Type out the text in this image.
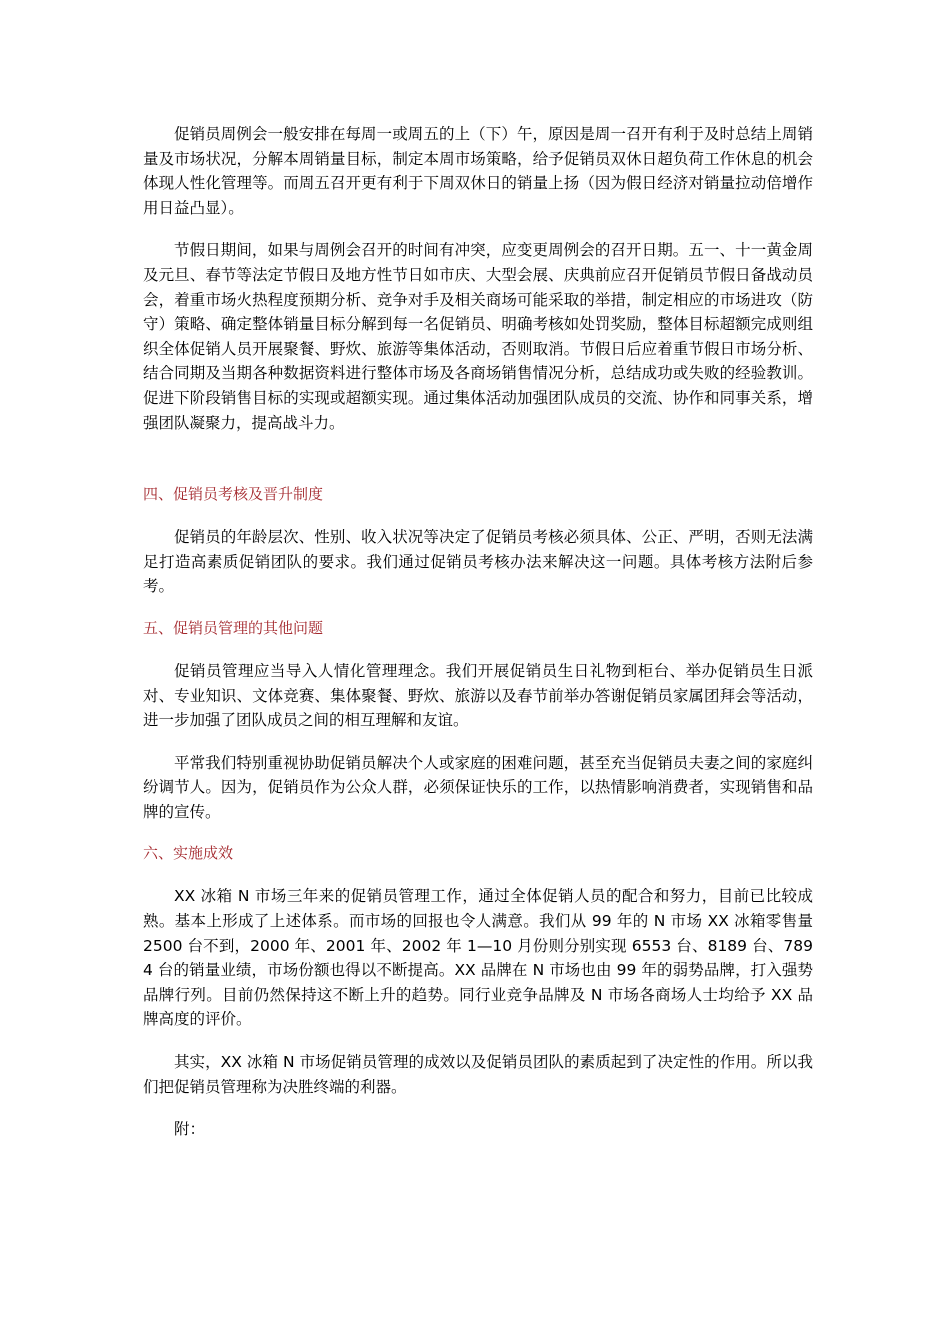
促销员周例会一般安排在每周一或周五的上（下）午，原因是周一召开有利于及时总结上周销量及市场状况，分解本周销量目标，制定本周市场策略，给予促销员双休日超负荷工作休息的机会体现人性化管理等。而周五召开更有利于下周双休日的销量上扬（因为假日经济对销量拉动倍增作用日益凸显）。

节假日期间，如果与周例会召开的时间有冲突，应变更周例会的召开日期。五一、十一黄金周及元旦、春节等法定节假日及地方性节日如市庆、大型会展、庆典前应召开促销员节假日备战动员会，着重市场火热程度预期分析、竞争对手及相关商场可能采取的举措，制定相应的市场进攻（防守）策略、确定整体销量目标分解到每一名促销员、明确考核如处罚奖励，整体目标超额完成则组织全体促销人员开展聚餐、野炊、旅游等集体活动，否则取消。节假日后应着重节假日市场分析、结合同期及当期各种数据资料进行整体市场及各商场销售情况分析，总结成功或失败的经验教训。促进下阶段销售目标的实现或超额实现。通过集体活动加强团队成员的交流、协作和同事关系，增强团队凝聚力，提高战斗力。

四、促销员考核及晋升制度

促销员的年龄层次、性别、收入状况等决定了促销员考核必须具体、公正、严明，否则无法满足打造高素质促销团队的要求。我们通过促销员考核办法来解决这一问题。具体考核方法附后参考。

五、促销员管理的其他问题

促销员管理应当导入人情化管理理念。我们开展促销员生日礼物到柜台、举办促销员生日派对、专业知识、文体竞赛、集体聚餐、野炊、旅游以及春节前举办答谢促销员家属团拜会等活动，进一步加强了团队成员之间的相互理解和友谊。

平常我们特别重视协助促销员解决个人或家庭的困难问题，甚至充当促销员夫妻之间的家庭纠纷调节人。因为，促销员作为公众人群，必须保证快乐的工作，以热情影响消费者，实现销售和品牌的宣传。

六、实施成效

XX 冰箱 N 市场三年来的促销员管理工作，通过全体促销人员的配合和努力，目前已比较成熟。基本上形成了上述体系。而市场的回报也令人满意。我们从 99 年的 N 市场 XX 冰箱零售量 2500 台不到，2000 年、2001 年、2002 年 1—10 月份则分别实现 6553 台、8189 台、7894 台的销量业绩，市场份额也得以不断提高。XX 品牌在 N 市场也由 99 年的弱势品牌，打入强势品牌行列。目前仍然保持这不断上升的趋势。同行业竞争品牌及 N 市场各商场人士均给予 XX 品牌高度的评价。

其实，XX 冰箱 N 市场促销员管理的成效以及促销员团队的素质起到了决定性的作用。所以我们把促销员管理称为决胜终端的利器。

附：
